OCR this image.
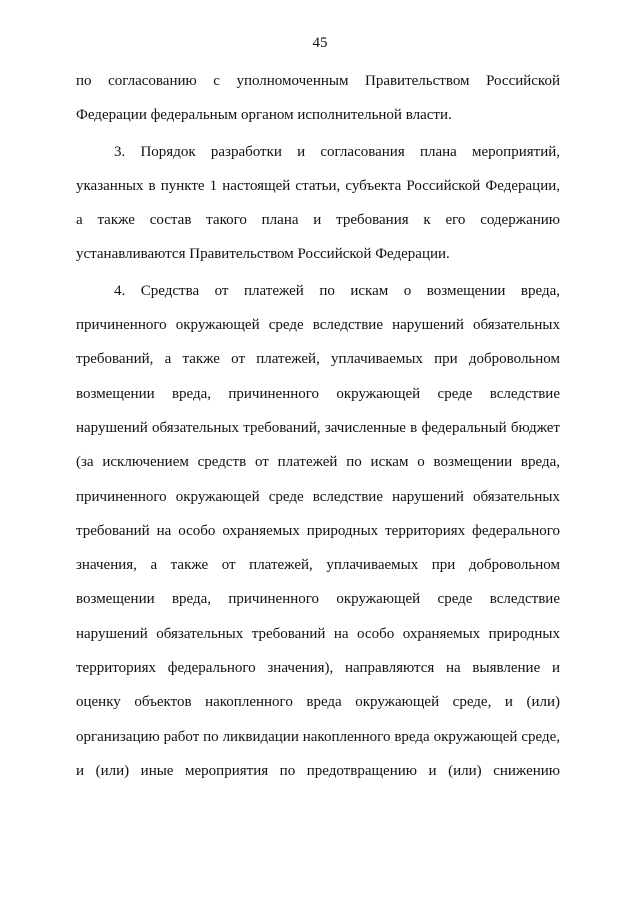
45
по согласованию с уполномоченным Правительством Российской
Федерации федеральным органом исполнительной власти.
3. Порядок разработки и согласования плана мероприятий,
указанных в пункте 1 настоящей статьи, субъекта Российской Федерации,
а также состав такого плана и требования к его содержанию
устанавливаются Правительством Российской Федерации.
4. Средства от платежей по искам о возмещении вреда,
причиненного окружающей среде вследствие нарушений обязательных
требований, а также от платежей, уплачиваемых при добровольном
возмещении вреда, причиненного окружающей среде вследствие
нарушений обязательных требований, зачисленные в федеральный бюджет
(за исключением средств от платежей по искам о возмещении вреда,
причиненного окружающей среде вследствие нарушений обязательных
требований на особо охраняемых природных территориях федерального
значения, а также от платежей, уплачиваемых при добровольном
возмещении вреда, причиненного окружающей среде вследствие
нарушений обязательных требований на особо охраняемых природных
территориях федерального значения), направляются на выявление и
оценку объектов накопленного вреда окружающей среде, и (или)
организацию работ по ликвидации накопленного вреда окружающей среде,
и (или) иные мероприятия по предотвращению и (или) снижению
